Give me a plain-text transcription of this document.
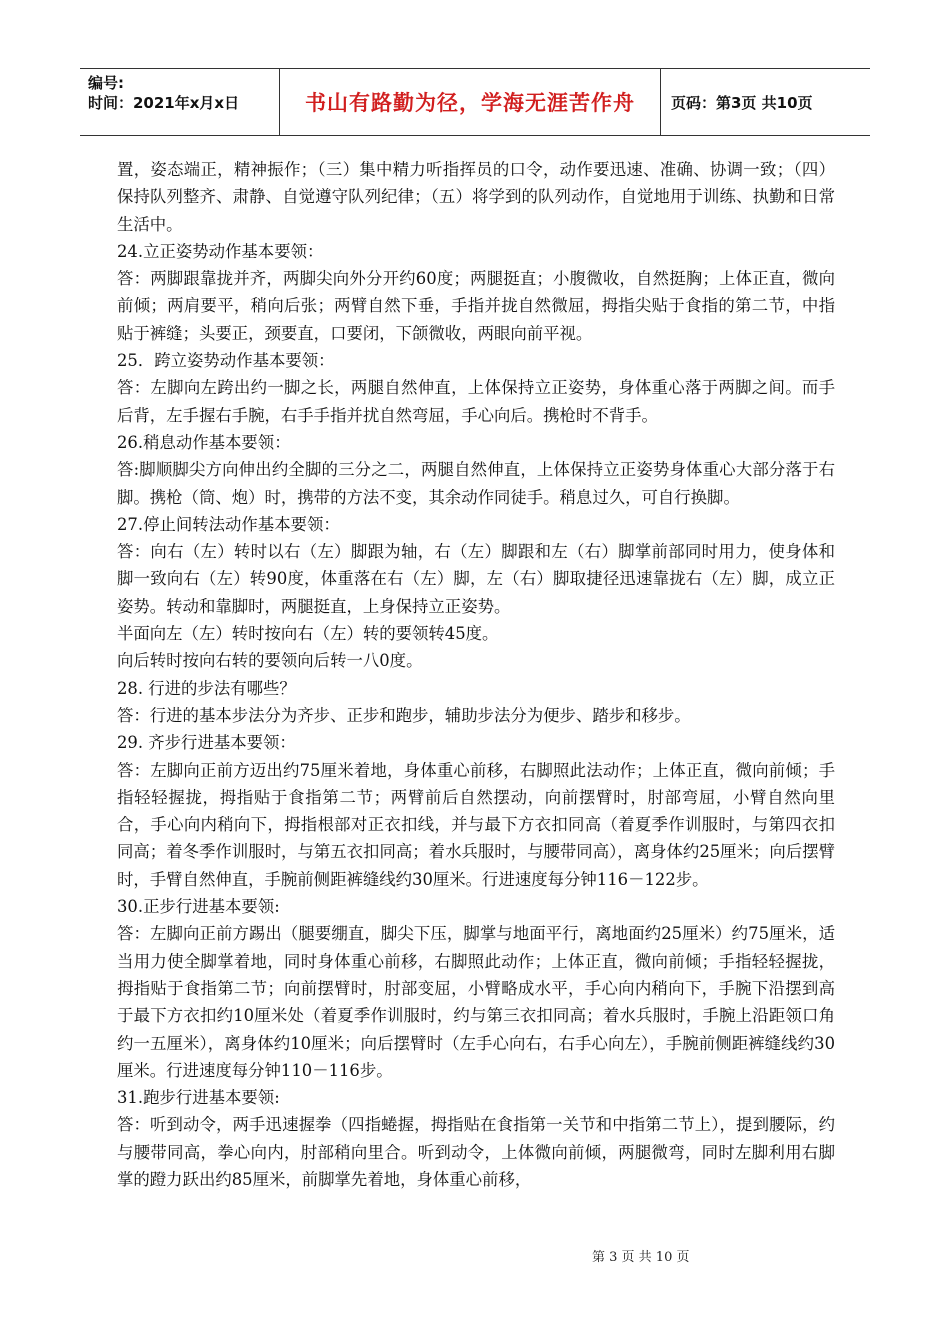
编号:
时间：2021年x月x日	书山有路勤为径，学海无涯苦作舟	页码：第3页 共10页

置，姿态端正，精神振作；（三）集中精力听指挥员的口令，动作要迅速、准确、协调一致；（四）保持队列整齐、肃静、自觉遵守队列纪律；（五）将学到的队列动作，自觉地用于训练、执勤和日常生活中。

24.立正姿势动作基本要领：

答：两脚跟靠拢并齐，两脚尖向外分开约60度；两腿挺直；小腹微收，自然挺胸；上体正直，微向前倾；两肩要平，稍向后张；两臂自然下垂，手指并拢自然微屈，拇指尖贴于食指的第二节，中指贴于裤缝；头要正，颈要直，口要闭，下颌微收，两眼向前平视。

25．跨立姿势动作基本要领：

答：左脚向左跨出约一脚之长，两腿自然伸直，上体保持立正姿势，身体重心落于两脚之间。而手后背，左手握右手腕，右手手指并扰自然弯屈，手心向后。携枪时不背手。

26.稍息动作基本要领：

答:脚顺脚尖方向伸出约全脚的三分之二，两腿自然伸直，上体保持立正姿势身体重心大部分落于右脚。携枪（筒、炮）时，携带的方法不变，其余动作同徒手。稍息过久，可自行换脚。

27.停止间转法动作基本要领：

答：向右（左）转时以右（左）脚跟为轴，右（左）脚跟和左（右）脚掌前部同时用力，使身体和脚一致向右（左）转90度，体重落在右（左）脚，左（右）脚取捷径迅速靠拢右（左）脚，成立正姿势。转动和靠脚时，两腿挺直，上身保持立正姿势。

半面向左（左）转时按向右（左）转的要领转45度。

向后转时按向右转的要领向后转一八0度。

28. 行进的步法有哪些？

答：行进的基本步法分为齐步、正步和跑步，辅助步法分为便步、踏步和移步。

29. 齐步行进基本要领：

答：左脚向正前方迈出约75厘米着地，身体重心前移，右脚照此法动作；上体正直，微向前倾；手指轻轻握拢，拇指贴于食指第二节；两臂前后自然摆动，向前摆臂时，肘部弯屈，小臂自然向里合，手心向内稍向下，拇指根部对正衣扣线，并与最下方衣扣同高（着夏季作训服时，与第四衣扣同高；着冬季作训服时，与第五衣扣同高；着水兵服时，与腰带同高），离身体约25厘米；向后摆臂时，手臂自然伸直，手腕前侧距裤缝线约30厘米。行进速度每分钟116－122步。

30.正步行进基本要领:

答：左脚向正前方踢出（腿要绷直，脚尖下压，脚掌与地面平行，离地面约25厘米）约75厘米，适当用力使全脚掌着地，同时身体重心前移，右脚照此动作；上体正直，微向前倾；手指轻轻握拢，拇指贴于食指第二节；向前摆臂时，肘部变屈，小臂略成水平，手心向内稍向下，手腕下沿摆到高于最下方衣扣约10厘米处（着夏季作训服时，约与第三衣扣同高；着水兵服时，手腕上沿距领口角约一五厘米），离身体约10厘米；向后摆臂时（左手心向右，右手心向左），手腕前侧距裤缝线约30厘米。行进速度每分钟110－116步。

31.跑步行进基本要领:

答：听到动令，两手迅速握拳（四指蜷握，拇指贴在食指第一关节和中指第二节上），提到腰际，约与腰带同高，拳心向内，肘部稍向里合。听到动令，上体微向前倾，两腿微弯，同时左脚利用右脚掌的蹬力跃出约85厘米，前脚掌先着地，身体重心前移，

第 3 页 共 10 页
